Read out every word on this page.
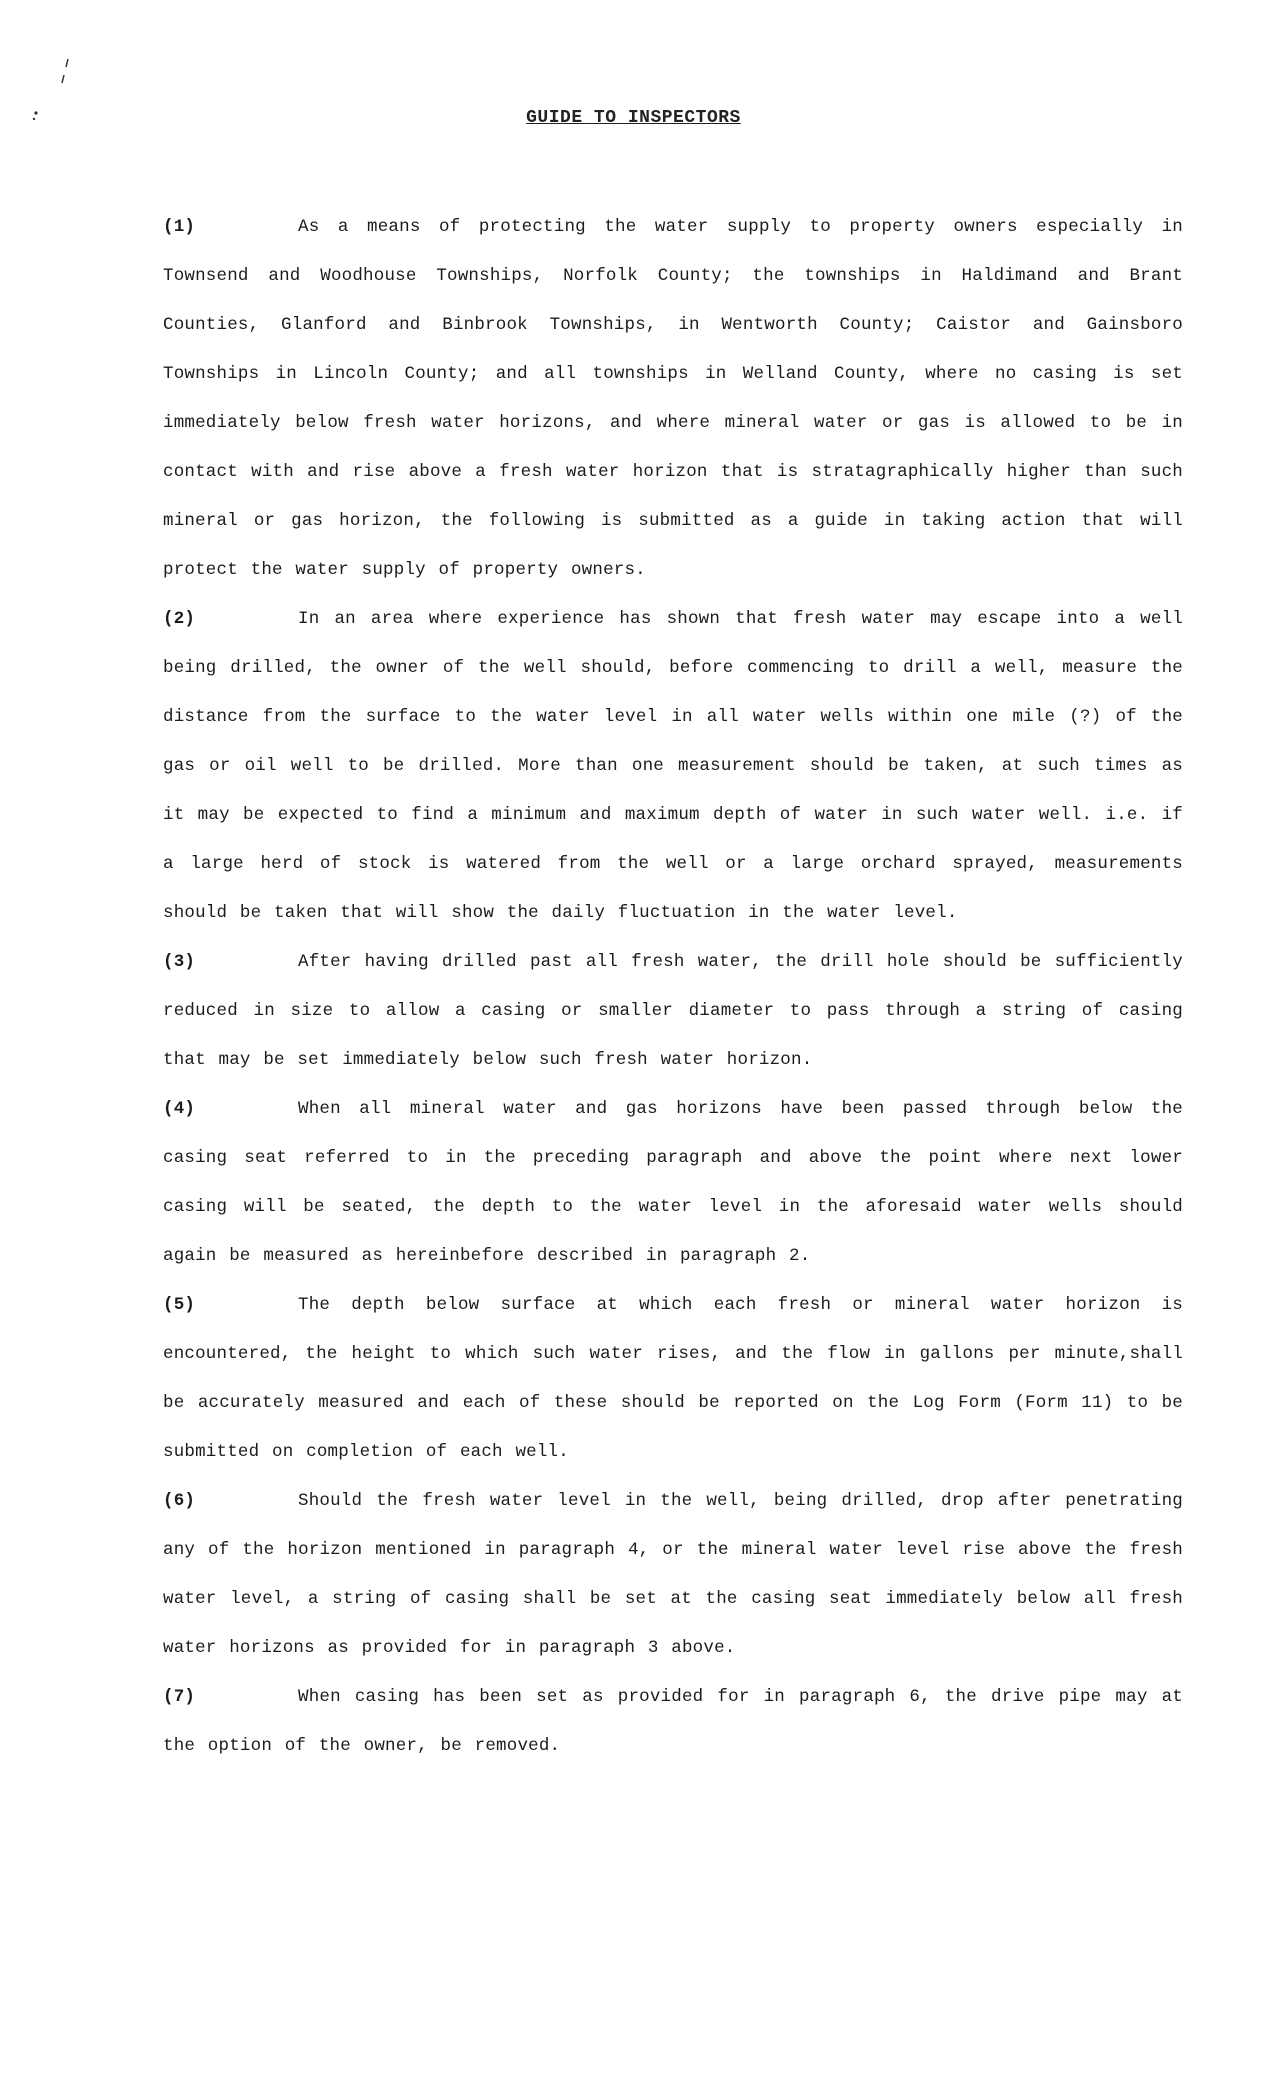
GUIDE TO INSPECTORS

(1)	As a means of protecting the water supply to property owners especially in Townsend and Woodhouse Townships, Norfolk County; the townships in Haldimand and Brant Counties, Glanford and Binbrook Townships, in Wentworth County; Caistor and Gainsboro Townships in Lincoln County; and all townships in Welland County, where no casing is set immediately below fresh water horizons, and where mineral water or gas is allowed to be in contact with and rise above a fresh water horizon that is stratagraphically higher than such mineral or gas horizon, the following is submitted as a guide in taking action that will protect the water supply of property owners.

(2)	In an area where experience has shown that fresh water may escape into a well being drilled, the owner of the well should, before commencing to drill a well, measure the distance from the surface to the water level in all water wells within one mile (?) of the gas or oil well to be drilled. More than one measurement should be taken, at such times as it may be expected to find a minimum and maximum depth of water in such water well. i.e. if a large herd of stock is watered from the well or a large orchard sprayed, measurements should be taken that will show the daily fluctuation in the water level.

(3)	After having drilled past all fresh water, the drill hole should be sufficiently reduced in size to allow a casing or smaller diameter to pass through a string of casing that may be set immediately below such fresh water horizon.

(4)	When all mineral water and gas horizons have been passed through below the casing seat referred to in the preceding paragraph and above the point where next lower casing will be seated, the depth to the water level in the aforesaid water wells should again be measured as hereinbefore described in paragraph 2.

(5)	The depth below surface at which each fresh or mineral water horizon is encountered, the height to which such water rises, and the flow in gallons per minute,shall be accurately measured and each of these should be reported on the Log Form (Form 11) to be submitted on completion of each well.

(6)	Should the fresh water level in the well, being drilled, drop after penetrating any of the horizon mentioned in paragraph 4, or the mineral water level rise above the fresh water level, a string of casing shall be set at the casing seat immediately below all fresh water horizons as provided for in paragraph 3 above.

(7)	When casing has been set as provided for in paragraph 6, the drive pipe may at the option of the owner, be removed.
